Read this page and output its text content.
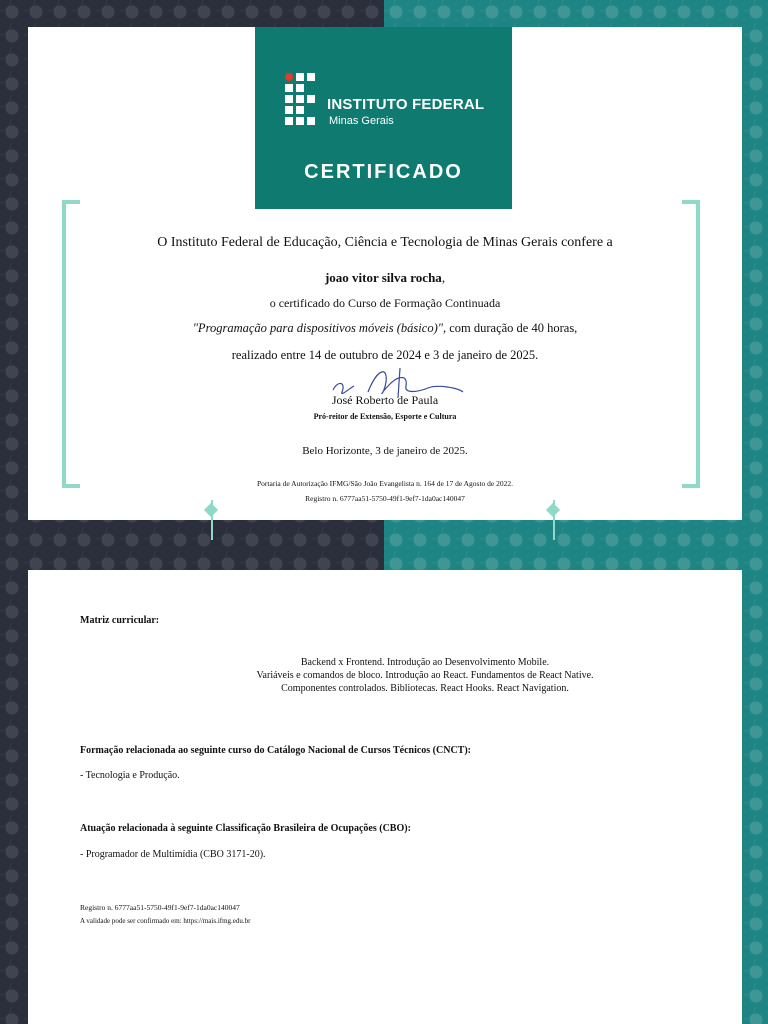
INSTITUTO FEDERAL
Minas Gerais
CERTIFICADO
O Instituto Federal de Educação, Ciência e Tecnologia de Minas Gerais confere a
joao vitor silva rocha,
o certificado do Curso de Formação Continuada
"Programação para dispositivos móveis (básico)", com duração de 40 horas,
realizado entre 14 de outubro de 2024 e 3 de janeiro de 2025.
José Roberto de Paula
Pró-reitor de Extensão, Esporte e Cultura
Belo Horizonte, 3 de janeiro de 2025.
Portaria de Autorização IFMG/São João Evangelista n. 164 de 17 de Agosto de 2022.
Registro n. 6777aa51-5750-49f1-9ef7-1da0ac140047
Matriz curricular:
Backend x Frontend. Introdução ao Desenvolvimento Mobile.
Variáveis e comandos de bloco. Introdução ao React. Fundamentos de React Native.
Componentes controlados. Bibliotecas. React Hooks. React Navigation.
Formação relacionada ao seguinte curso do Catálogo Nacional de Cursos Técnicos (CNCT):
- Tecnologia e Produção.
Atuação relacionada à seguinte Classificação Brasileira de Ocupações (CBO):
- Programador de Multimídia (CBO 3171-20).
Registro n. 6777aa51-5750-49f1-9ef7-1da0ac140047
A validade pode ser confirmado em: https://mais.ifmg.edu.br
